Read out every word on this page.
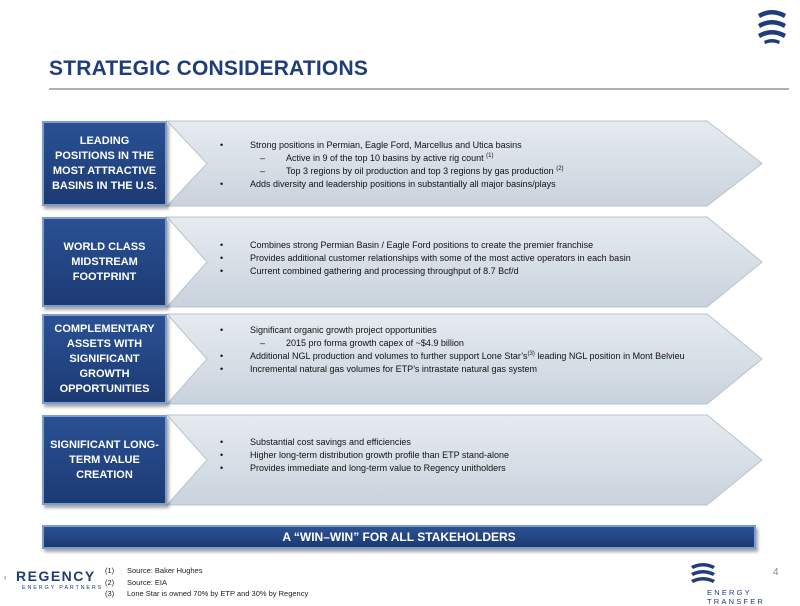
STRATEGIC CONSIDERATIONS
LEADING POSITIONS IN THE MOST ATTRACTIVE BASINS IN THE U.S.
•	Strong positions in Permian, Eagle Ford, Marcellus and Utica basins
–	Active in 9 of the top 10 basins by active rig count $^{(1)}$
–	Top 3 regions by oil production and top 3 regions by gas production $^{(2)}$
•	Adds diversity and leadership positions in substantially all major basins/plays
WORLD CLASS MIDSTREAM FOOTPRINT
•	Combines strong Permian Basin / Eagle Ford positions to create the premier franchise
•	Provides additional customer relationships with some of the most active operators in each basin
•	Current combined gathering and processing throughput of 8.7 Bcf/d
COMPLEMENTARY ASSETS WITH SIGNIFICANT GROWTH OPPORTUNITIES
•	Significant organic growth project opportunities
–	2015 pro forma growth capex of ~$4.9 billion
•	Additional NGL production and volumes to further support Lone $Star’s^{(3)}$ leading NGL position in Mont Belvieu
•	Incremental natural gas volumes for ETP’s intrastate natural gas system
SIGNIFICANT LONG-TERM VALUE CREATION
•	Substantial cost savings and efficiencies
•	Higher long-term distribution growth profile than ETP stand-alone
•	Provides immediate and long-term value to Regency unitholders
A “WIN–WIN” FOR ALL STAKEHOLDERS
REGENCY
ENERGY PARTNERS
(1)	Source: Baker Hughes
(2)	Source: EIA
(3)	Lone Star is owned 70% by ETP and 30% by Regency
4
ENERGY TRANSFER
